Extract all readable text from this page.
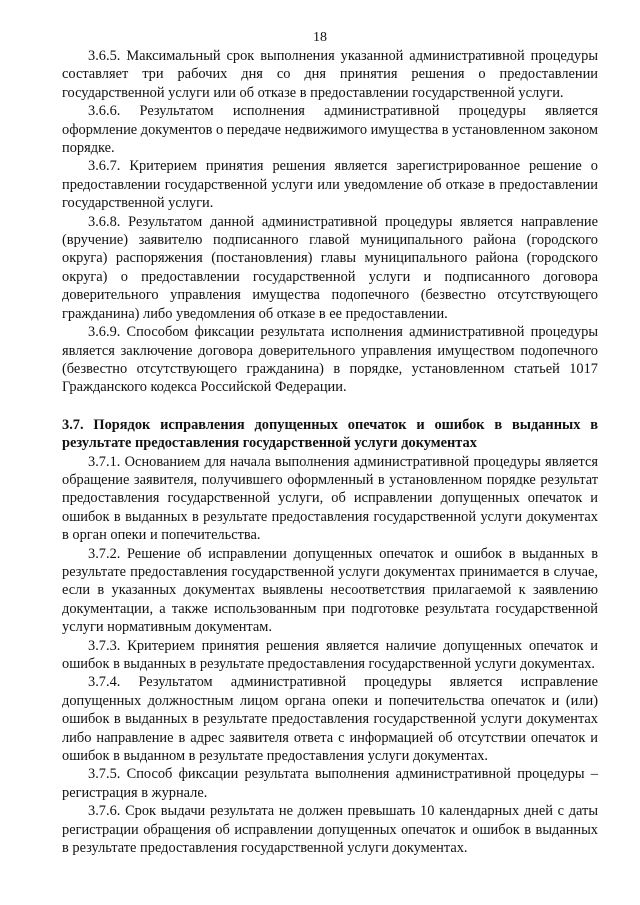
18

3.6.5. Максимальный срок выполнения указанной административной процедуры составляет три рабочих дня со дня принятия решения о предоставлении государственной услуги или об отказе в предоставлении государственной услуги.

3.6.6. Результатом исполнения административной процедуры является оформление документов о передаче недвижимого имущества в установленном законом порядке.

3.6.7. Критерием принятия решения является зарегистрированное решение о предоставлении государственной услуги или уведомление об отказе в предоставлении государственной услуги.

3.6.8. Результатом данной административной процедуры является направление (вручение) заявителю подписанного главой муниципального района (городского округа) распоряжения (постановления) главы муниципального района (городского округа) о предоставлении государственной услуги и подписанного договора доверительного управления имущества подопечного (безвестно отсутствующего гражданина) либо уведомления об отказе в ее предоставлении.

3.6.9. Способом фиксации результата исполнения административной процедуры является заключение договора доверительного управления имуществом подопечного (безвестно отсутствующего гражданина) в порядке, установленном статьей 1017 Гражданского кодекса Российской Федерации.

3.7. Порядок исправления допущенных опечаток и ошибок в выданных в результате предоставления государственной услуги документах

3.7.1. Основанием для начала выполнения административной процедуры является обращение заявителя, получившего оформленный в установленном порядке результат предоставления государственной услуги, об исправлении допущенных опечаток и ошибок в выданных в результате предоставления государственной услуги документах в орган опеки и попечительства.

3.7.2. Решение об исправлении допущенных опечаток и ошибок в выданных в результате предоставления государственной услуги документах принимается в случае, если в указанных документах выявлены несоответствия прилагаемой к заявлению документации, а также использованным при подготовке результата государственной услуги нормативным документам.

3.7.3. Критерием принятия решения является наличие допущенных опечаток и ошибок в выданных в результате предоставления государственной услуги документах.

3.7.4. Результатом административной процедуры является исправление допущенных должностным лицом органа опеки и попечительства опечаток и (или) ошибок в выданных в результате предоставления государственной услуги документах либо направление в адрес заявителя ответа с информацией об отсутствии опечаток и ошибок в выданном в результате предоставления услуги документах.

3.7.5. Способ фиксации результата выполнения административной процедуры – регистрация в журнале.

3.7.6. Срок выдачи результата не должен превышать 10 календарных дней с даты регистрации обращения об исправлении допущенных опечаток и ошибок в выданных в результате предоставления государственной услуги документах.
